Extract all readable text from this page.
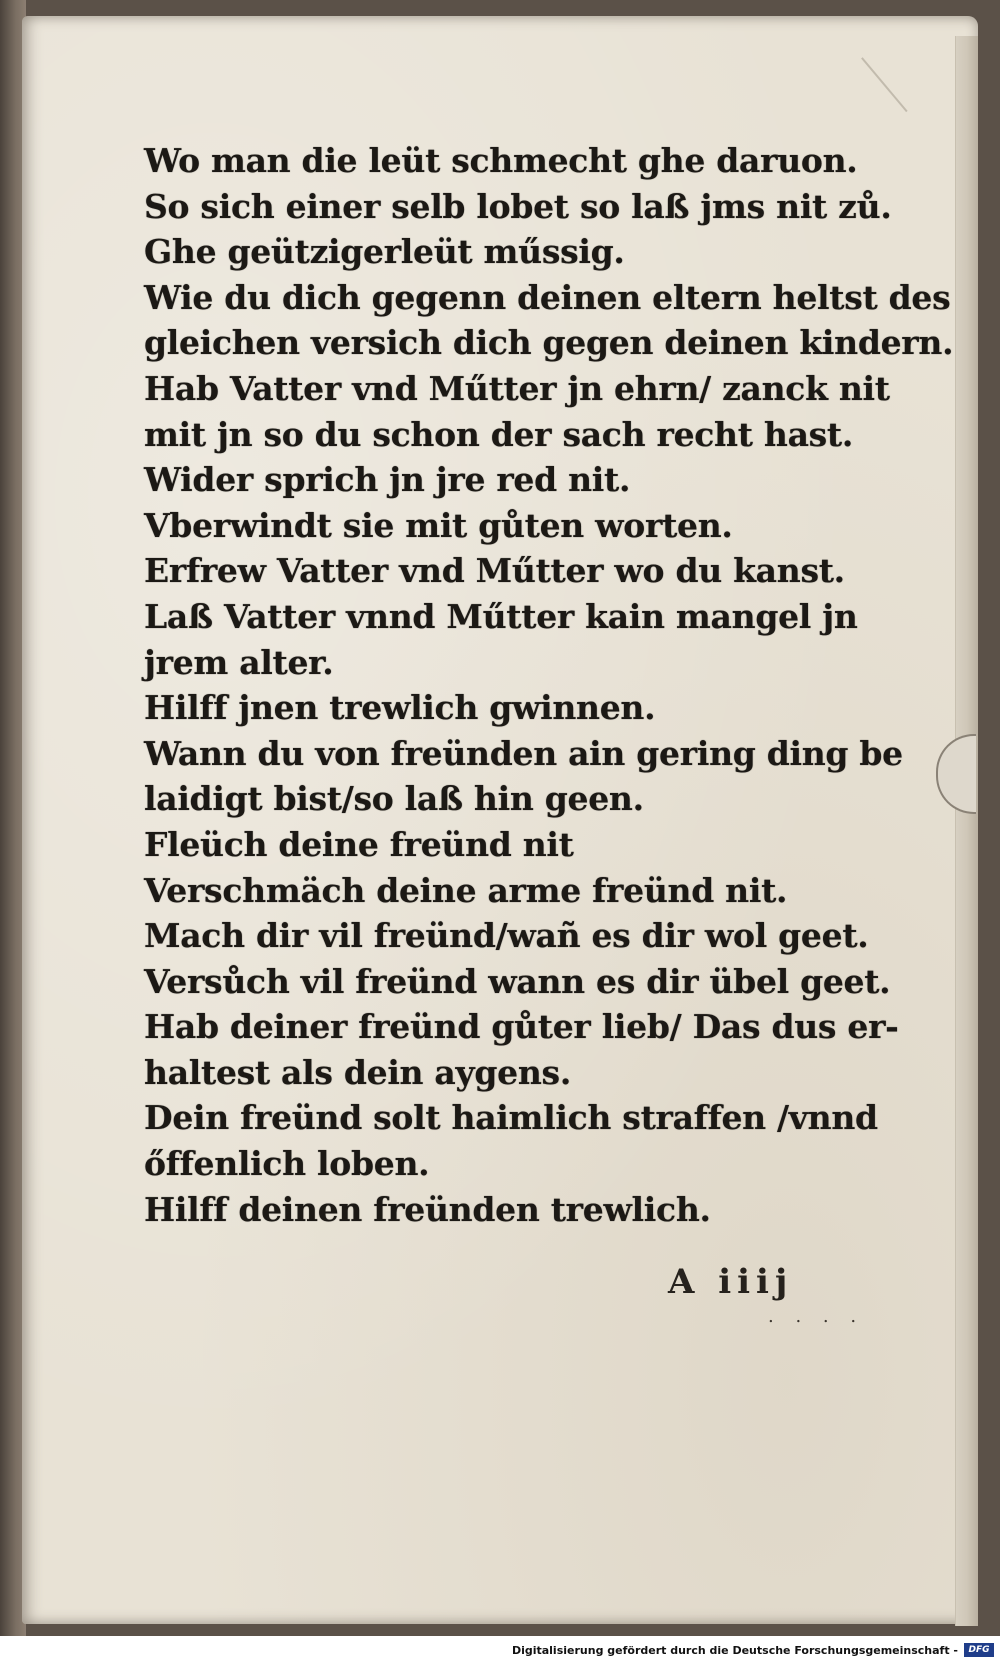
Wo man die leüt schmecht ghe daruon.
So sich einer selb lobet so laß jms nit zů.
Ghe geützigerleüt műssig.
Wie du dich gegenn deinen eltern heltst des
gleichen versich dich gegen deinen kindern.
Hab Vatter vnd Műtter jn ehrn/ zanck nit
mit jn so du schon der sach recht hast.
Wider sprich jn jre red nit.
Vberwindt sie mit gůten worten.
Erfrew Vatter vnd Műtter wo du kanst.
Laß Vatter vnnd Műtter kain mangel jn
jrem alter.
Hilff jnen trewlich gwinnen.
Wann du von freünden ain gering ding be
laidigt bist/so laß hin geen.
Fleüch deine freünd nit
Verschmäch deine arme freünd nit.
Mach dir vil freünd/wañ es dir wol geet.
Versůch vil freünd wann es dir übel geet.
Hab deiner freünd gůter lieb/ Das dus er-
haltest als dein aygens.
Dein freünd solt haimlich straffen /vnnd
őffenlich loben.
Hilff deinen freünden trewlich.
A iiij
. . . .
Digitalisierung gefördert durch die Deutsche Forschungsgemeinschaft -	DFG
